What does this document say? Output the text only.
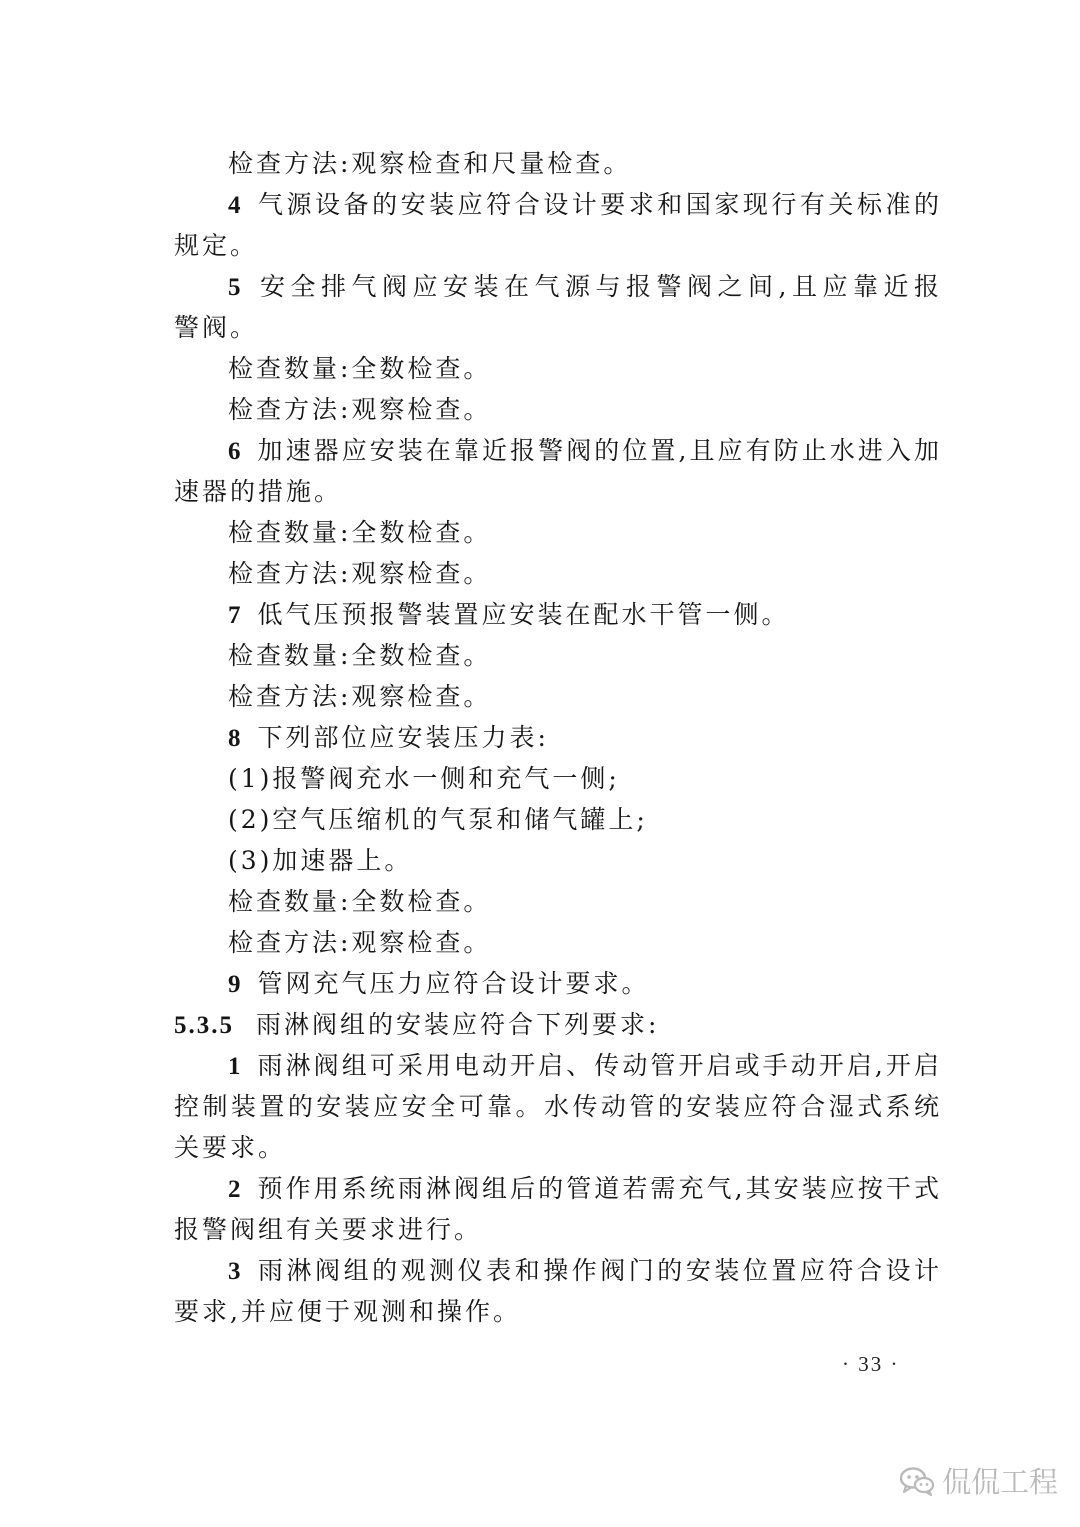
检查方法:观察检查和尺量检查。
4 气源设备的安装应符合设计要求和国家现行有关标准的
规定。
5 安全排气阀应安装在气源与报警阀之间,且应靠近报
警阀。
检查数量:全数检查。
检查方法:观察检查。
6 加速器应安装在靠近报警阀的位置,且应有防止水进入加
速器的措施。
检查数量:全数检查。
检查方法:观察检查。
7 低气压预报警装置应安装在配水干管一侧。
检查数量:全数检查。
检查方法:观察检查。
8 下列部位应安装压力表:
(1)报警阀充水一侧和充气一侧;
(2)空气压缩机的气泵和储气罐上;
(3)加速器上。
检查数量:全数检查。
检查方法:观察检查。
9 管网充气压力应符合设计要求。
5.3.5 雨淋阀组的安装应符合下列要求:
1 雨淋阀组可采用电动开启、传动管开启或手动开启,开启
控制装置的安装应安全可靠。水传动管的安装应符合湿式系统
关要求。
2 预作用系统雨淋阀组后的管道若需充气,其安装应按干式
报警阀组有关要求进行。
3 雨淋阀组的观测仪表和操作阀门的安装位置应符合设计
要求,并应便于观测和操作。
· 33 ·
侃侃工程
